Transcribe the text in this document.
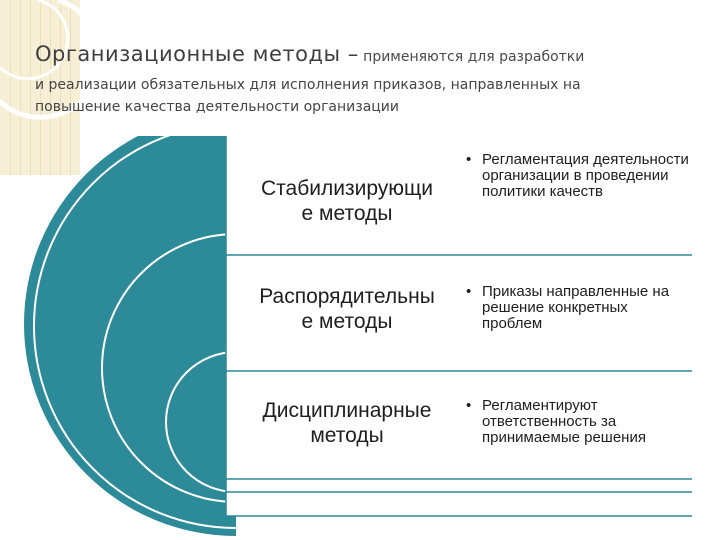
Организационные методы – применяются для разработки
и реализации обязательных для исполнения приказов, направленных на
повышение качества деятельности организации
Стабилизирующи
е методы
• Регламентация деятельности организации в проведении политики качеств
Распорядительны
е методы
• Приказы направленные на решение конкретных проблем
Дисциплинарные
методы
• Регламентируют ответственность за принимаемые решения
